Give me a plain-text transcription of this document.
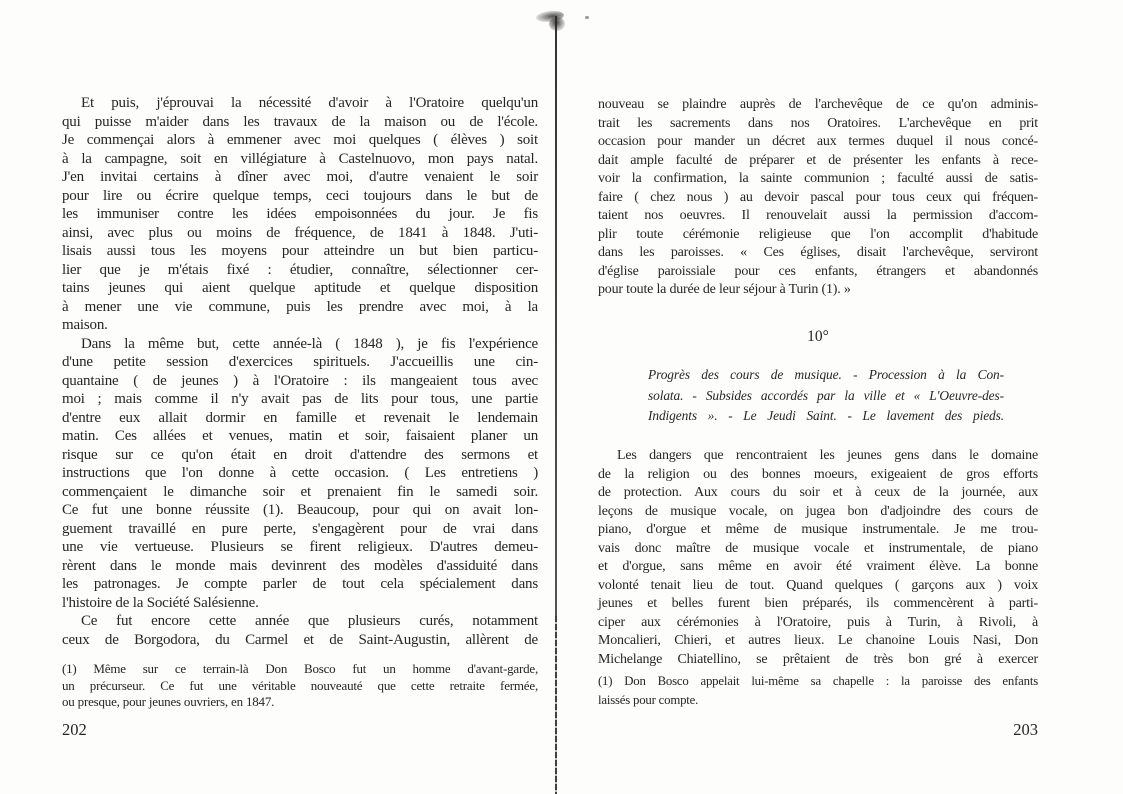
Et puis, j'éprouvai la nécessité d'avoir à l'Oratoire quelqu'un
qui puisse m'aider dans les travaux de la maison ou de l'école.
Je commençai alors à emmener avec moi quelques ( élèves ) soit
à la campagne, soit en villégiature à Castelnuovo, mon pays natal.
J'en invitai certains à dîner avec moi, d'autre venaient le soir
pour lire ou écrire quelque temps, ceci toujours dans le but de
les immuniser contre les idées empoisonnées du jour. Je fis
ainsi, avec plus ou moins de fréquence, de 1841 à 1848. J'uti-
lisais aussi tous les moyens pour atteindre un but bien particu-
lier que je m'étais fixé : étudier, connaître, sélectionner cer-
tains jeunes qui aient quelque aptitude et quelque disposition
à mener une vie commune, puis les prendre avec moi, à la
maison.
Dans la même but, cette année-là ( 1848 ), je fis l'expérience
d'une petite session d'exercices spirituels. J'accueillis une cin-
quantaine ( de jeunes ) à l'Oratoire : ils mangeaient tous avec
moi ; mais comme il n'y avait pas de lits pour tous, une partie
d'entre eux allait dormir en famille et revenait le lendemain
matin. Ces allées et venues, matin et soir, faisaient planer un
risque sur ce qu'on était en droit d'attendre des sermons et
instructions que l'on donne à cette occasion. ( Les entretiens )
commençaient le dimanche soir et prenaient fin le samedi soir.
Ce fut une bonne réussite (1). Beaucoup, pour qui on avait lon-
guement travaillé en pure perte, s'engagèrent pour de vrai dans
une vie vertueuse. Plusieurs se firent religieux. D'autres demeu-
rèrent dans le monde mais devinrent des modèles d'assiduité dans
les patronages. Je compte parler de tout cela spécialement dans
l'histoire de la Société Salésienne.
Ce fut encore cette année que plusieurs curés, notamment
ceux de Borgodora, du Carmel et de Saint-Augustin, allèrent de
(1) Même sur ce terrain-là Don Bosco fut un homme d'avant-garde,
un précurseur. Ce fut une véritable nouveauté que cette retraite fermée,
ou presque, pour jeunes ouvriers, en 1847.
202
nouveau se plaindre auprès de l'archevêque de ce qu'on adminis-
trait les sacrements dans nos Oratoires. L'archevêque en prit
occasion pour mander un décret aux termes duquel il nous concé-
dait ample faculté de préparer et de présenter les enfants à rece-
voir la confirmation, la sainte communion ; faculté aussi de satis-
faire ( chez nous ) au devoir pascal pour tous ceux qui fréquen-
taient nos oeuvres. Il renouvelait aussi la permission d'accom-
plir toute cérémonie religieuse que l'on accomplit d'habitude
dans les paroisses. « Ces églises, disait l'archevêque, serviront
d'église paroissiale pour ces enfants, étrangers et abandonnés
pour toute la durée de leur séjour à Turin (1). »
10°
Progrès des cours de musique. - Procession à la Con-
solata. - Subsides accordés par la ville et « L'Oeuvre-des-
Indigents ». - Le Jeudi Saint. - Le lavement des pieds.
Les dangers que rencontraient les jeunes gens dans le domaine
de la religion ou des bonnes moeurs, exigeaient de gros efforts
de protection. Aux cours du soir et à ceux de la journée, aux
leçons de musique vocale, on jugea bon d'adjoindre des cours de
piano, d'orgue et même de musique instrumentale. Je me trou-
vais donc maître de musique vocale et instrumentale, de piano
et d'orgue, sans même en avoir été vraiment élève. La bonne
volonté tenait lieu de tout. Quand quelques ( garçons aux ) voix
jeunes et belles furent bien préparés, ils commencèrent à parti-
ciper aux cérémonies à l'Oratoire, puis à Turin, à Rivoli, à
Moncalieri, Chieri, et autres lieux. Le chanoine Louis Nasi, Don
Michelange Chiatellino, se prêtaient de très bon gré à exercer
(1) Don Bosco appelait lui-même sa chapelle : la paroisse des enfants
laissés pour compte.
203
